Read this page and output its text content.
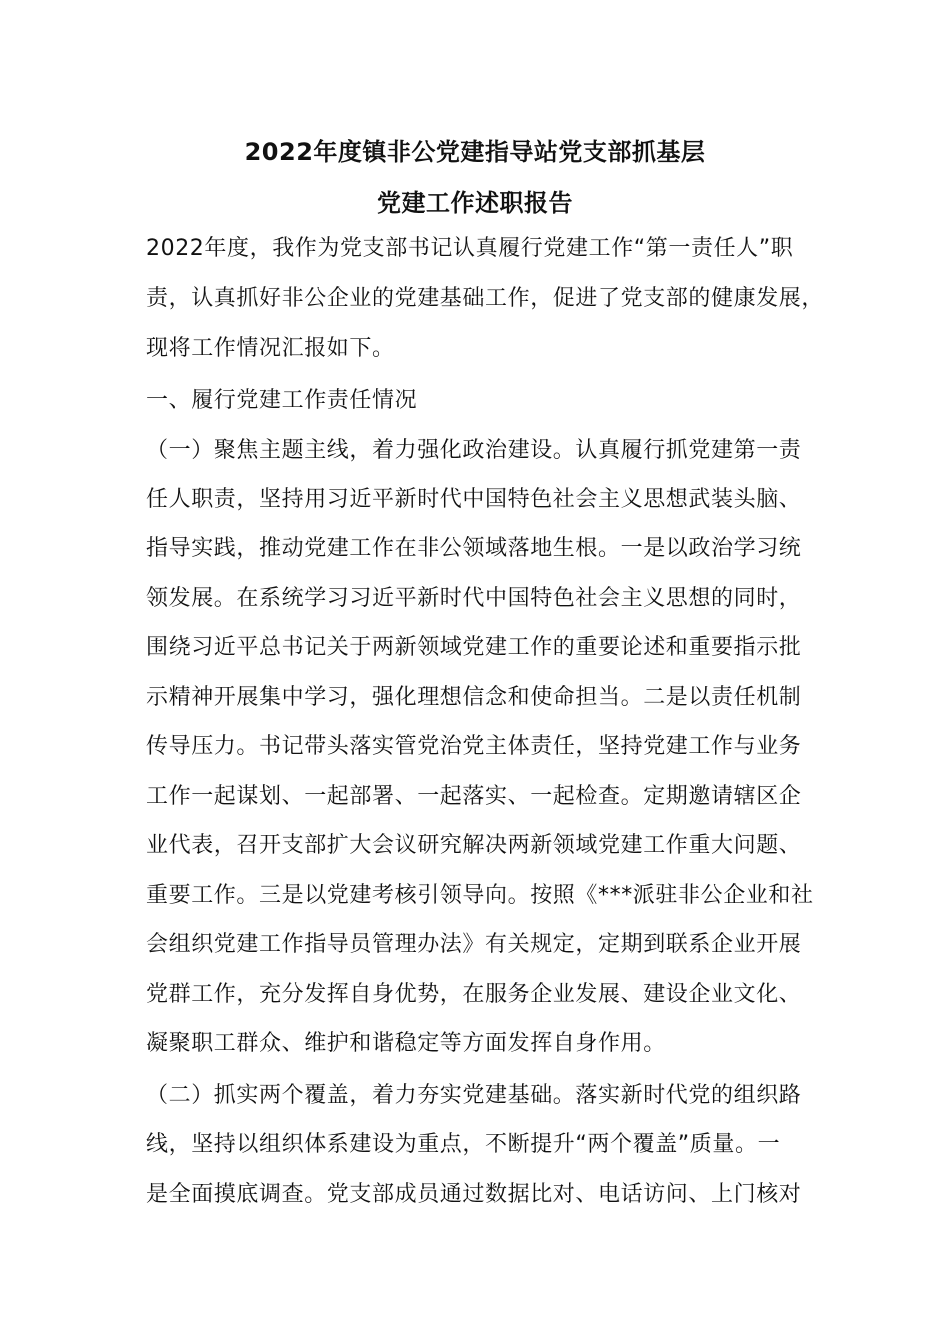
2022年度镇非公党建指导站党支部抓基层
党建工作述职报告
2022年度，我作为党支部书记认真履行党建工作“第一责任人”职
责，认真抓好非公企业的党建基础工作，促进了党支部的健康发展，
现将工作情况汇报如下。
一、履行党建工作责任情况
（一）聚焦主题主线，着力强化政治建设。认真履行抓党建第一责
任人职责，坚持用习近平新时代中国特色社会主义思想武装头脑、
指导实践，推动党建工作在非公领域落地生根。一是以政治学习统
领发展。在系统学习习近平新时代中国特色社会主义思想的同时，
围绕习近平总书记关于两新领域党建工作的重要论述和重要指示批
示精神开展集中学习，强化理想信念和使命担当。二是以责任机制
传导压力。书记带头落实管党治党主体责任，坚持党建工作与业务
工作一起谋划、一起部署、一起落实、一起检查。定期邀请辖区企
业代表，召开支部扩大会议研究解决两新领域党建工作重大问题、
重要工作。三是以党建考核引领导向。按照《***派驻非公企业和社
会组织党建工作指导员管理办法》有关规定，定期到联系企业开展
党群工作，充分发挥自身优势，在服务企业发展、建设企业文化、
凝聚职工群众、维护和谐稳定等方面发挥自身作用。
（二）抓实两个覆盖，着力夯实党建基础。落实新时代党的组织路
线，坚持以组织体系建设为重点，不断提升“两个覆盖”质量。一
是全面摸底调查。党支部成员通过数据比对、电话访问、上门核对
